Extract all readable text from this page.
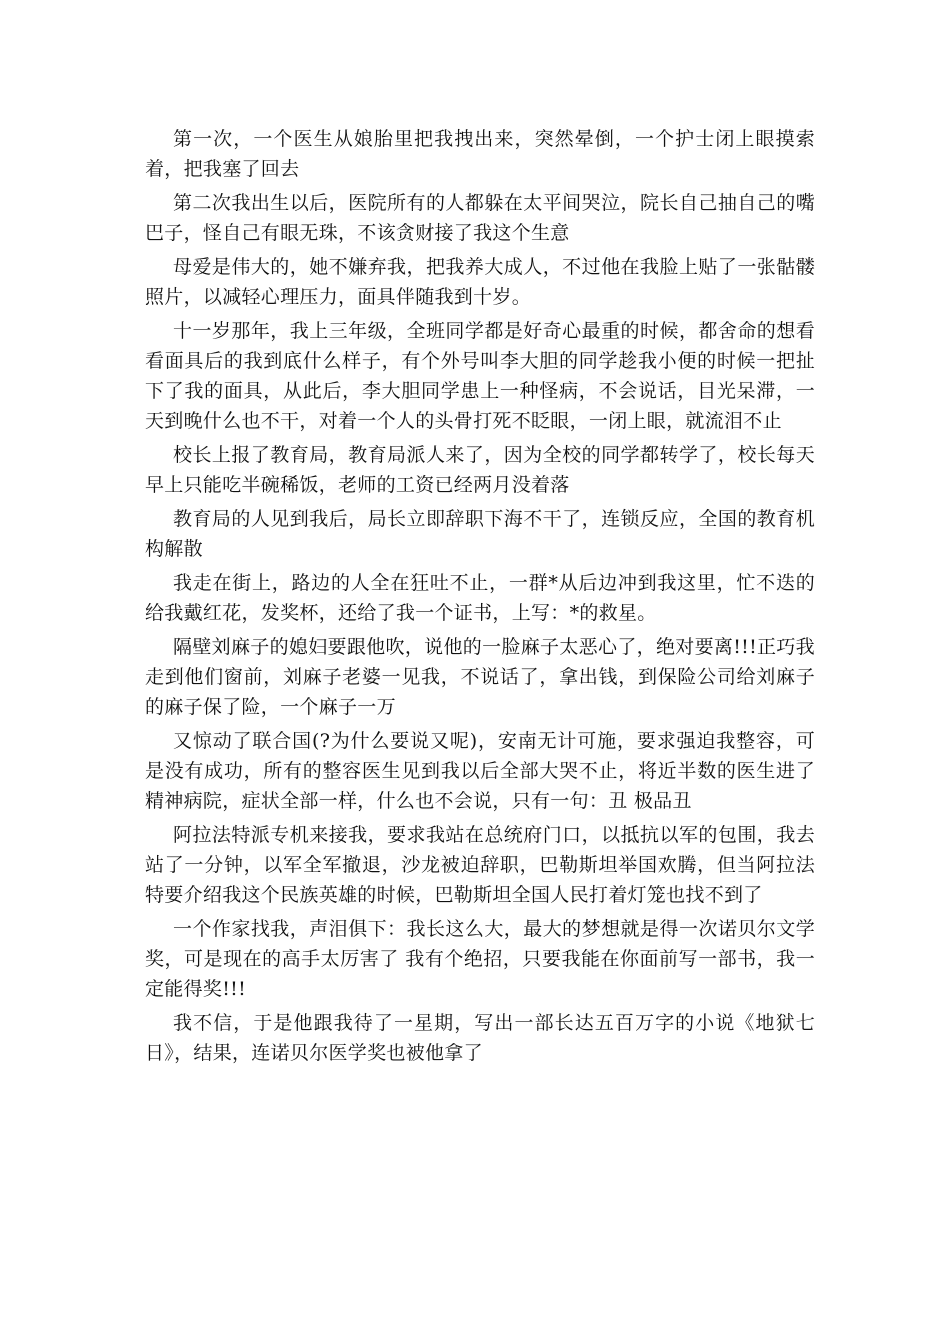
第一次，一个医生从娘胎里把我拽出来，突然晕倒，一个护士闭上眼摸索着，把我塞了回去

第二次我出生以后，医院所有的人都躲在太平间哭泣，院长自己抽自己的嘴巴子，怪自己有眼无珠，不该贪财接了我这个生意

母爱是伟大的，她不嫌弃我，把我养大成人，不过他在我脸上贴了一张骷髅照片，以减轻心理压力，面具伴随我到十岁。

十一岁那年，我上三年级，全班同学都是好奇心最重的时候，都舍命的想看看面具后的我到底什么样子，有个外号叫李大胆的同学趁我小便的时候一把扯下了我的面具，从此后，李大胆同学患上一种怪病，不会说话，目光呆滞，一天到晚什么也不干，对着一个人的头骨打死不眨眼，一闭上眼，就流泪不止

校长上报了教育局，教育局派人来了，因为全校的同学都转学了，校长每天早上只能吃半碗稀饭，老师的工资已经两月没着落

教育局的人见到我后，局长立即辞职下海不干了，连锁反应，全国的教育机构解散

我走在街上，路边的人全在狂吐不止，一群*从后边冲到我这里，忙不迭的给我戴红花，发奖杯，还给了我一个证书，上写：*的救星。

隔壁刘麻子的媳妇要跟他吹，说他的一脸麻子太恶心了，绝对要离!!!正巧我走到他们窗前，刘麻子老婆一见我，不说话了，拿出钱，到保险公司给刘麻子的麻子保了险，一个麻子一万

又惊动了联合国(?为什么要说又呢)，安南无计可施，要求强迫我整容，可是没有成功，所有的整容医生见到我以后全部大哭不止，将近半数的医生进了精神病院，症状全部一样，什么也不会说，只有一句：丑 极品丑

阿拉法特派专机来接我，要求我站在总统府门口，以抵抗以军的包围，我去站了一分钟，以军全军撤退，沙龙被迫辞职，巴勒斯坦举国欢腾，但当阿拉法特要介绍我这个民族英雄的时候，巴勒斯坦全国人民打着灯笼也找不到了

一个作家找我，声泪俱下：我长这么大，最大的梦想就是得一次诺贝尔文学奖，可是现在的高手太厉害了 我有个绝招，只要我能在你面前写一部书，我一定能得奖!!!

我不信，于是他跟我待了一星期，写出一部长达五百万字的小说《地狱七日》，结果，连诺贝尔医学奖也被他拿了
